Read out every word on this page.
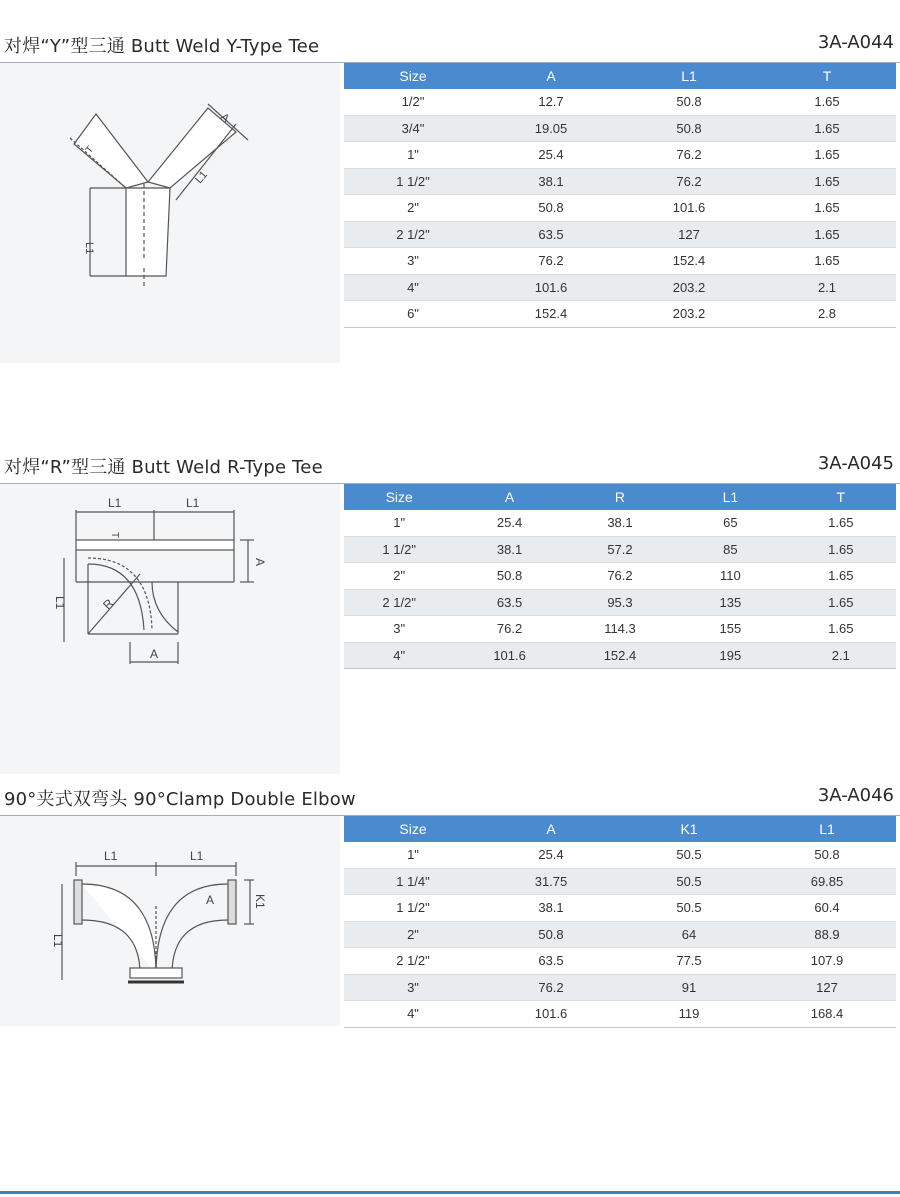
对焊“Y”型三通 Butt Weld Y-Type Tee	3A-A044
A
L1
L1
T
Size	A	L1	T
1/2"	12.7	50.8	1.65
3/4"	19.05	50.8	1.65
1"	25.4	76.2	1.65
1 1/2"	38.1	76.2	1.65
2"	50.8	101.6	1.65
2 1/2"	63.5	127	1.65
3"	76.2	152.4	1.65
4"	101.6	203.2	2.1
6"	152.4	203.2	2.8
对焊“R”型三通 Butt Weld R-Type Tee	3A-A045
L1	L1
T
A
L1	R
A
Size	A	R	L1	T
1"	25.4	38.1	65	1.65
1 1/2"	38.1	57.2	85	1.65
2"	50.8	76.2	110	1.65
2 1/2"	63.5	95.3	135	1.65
3"	76.2	114.3	155	1.65
4"	101.6	152.4	195	2.1
90°夹式双弯头 90°Clamp Double Elbow	3A-A046
L1	L1
K1
A
L1
Size	A	K1	L1
1"	25.4	50.5	50.8
1 1/4"	31.75	50.5	69.85
1 1/2"	38.1	50.5	60.4
2"	50.8	64	88.9
2 1/2"	63.5	77.5	107.9
3"	76.2	91	127
4"	101.6	119	168.4
